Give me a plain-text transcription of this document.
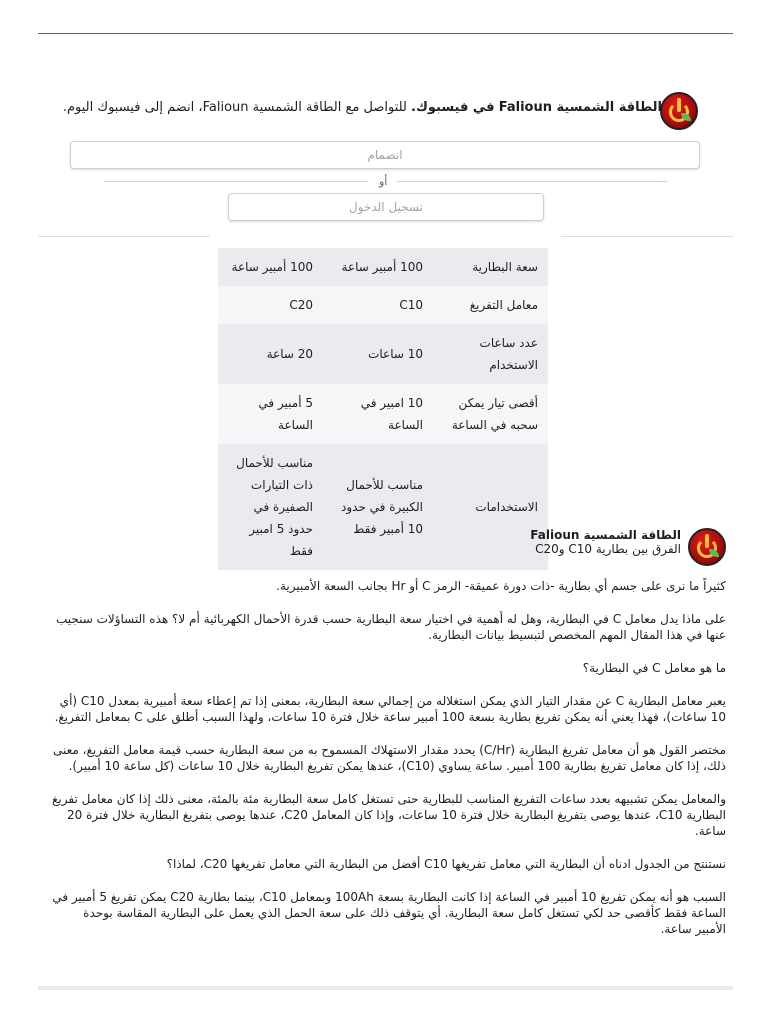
الطاقة الشمسية Falioun في فيسبوك. للتواصل مع الطاقة الشمسية Falioun، انضم إلى فيسبوك اليوم.
انضمام
أو
تسجيل الدخول
سعة البطارية	100 أمبير ساعة	100 أمبير ساعة
معامل التفريغ	C10	C20
عدد ساعات الاستخدام	10 ساعات	20 ساعة
أقصى تيار يمكن سحبه في الساعة	10 امبير في الساعة	5 أمبير في الساعة
الاستخدامات	مناسب للأحمال الكبيرة في حدود 10 أمبير فقط	مناسب للأحمال ذات التيارات الصفيرة في حدود 5 امبير فقط
الطاقة الشمسية Falioun
الفرق بين بطارية C10 وC20

كثيراً ما نرى على جسم أي بطارية -ذات دورة عميقة- الرمز C أو Hr بجانب السعة الأمبيرية.

على ماذا يدل معامل C في البطارية، وهل له أهمية في اختيار سعة البطارية حسب قدرة الأحمال الكهربائية أم لا؟ هذه التساؤلات سنجيب عنها في هذا المقال المهم المخصص لتبسيط بيانات البطارية.

ما هو معامل C في البطارية؟

يعبر معامل البطارية C عن مقدار التيار الذي يمكن استغلاله من إجمالي سعة البطارية، بمعنى إذا تم إعطاء سعة أمبيرية بمعدل C10 (أي 10 ساعات)، فهذا يعني أنه يمكن تفريغ بطارية بسعة 100 أمبير ساعة خلال فترة 10 ساعات، ولهذا السبب أطلق على C بمعامل التفريغ.

مختصر القول هو أن معامل تفريغ البطارية (C/Hr) يحدد مقدار الاستهلاك المسموح به من سعة البطارية حسب قيمة معامل التفريغ، معنى ذلك، إذا كان معامل تفريغ بطارية 100 أمبير. ساعة يساوي (C10)، عندها يمكن تفريغ البطارية خلال 10 ساعات (كل ساعة 10 أمبير).

والمعامل يمكن تشبيهه بعدد ساعات التفريغ المناسب للبطارية حتى تستغل كامل سعة البطارية مئة بالمئة، معنى ذلك إذا كان معامل تفريغ البطارية C10، عندها يوصى بتفريغ البطارية خلال فترة 10 ساعات، وإذا كان المعامل C20، عندها يوصى بتفريغ البطارية خلال فترة 20 ساعة.

نستنتج من الجدول ادناه أن البطارية التي معامل تفريغها C10 أفضل من البطارية التي معامل تفريغها C20، لماذا؟

السبب هو أنه يمكن تفريغ 10 أمبير في الساعة إذا كانت البطارية بسعة 100Ah وبمعامل C10، بينما بطارية C20 يمكن تفريغ 5 أمبير في الساعة فقط كأقصى حد لكي تستغل كامل سعة البطارية. أي يتوقف ذلك على سعة الحمل الذي يعمل على البطارية المقاسة بوحدة الأمبير ساعة.
